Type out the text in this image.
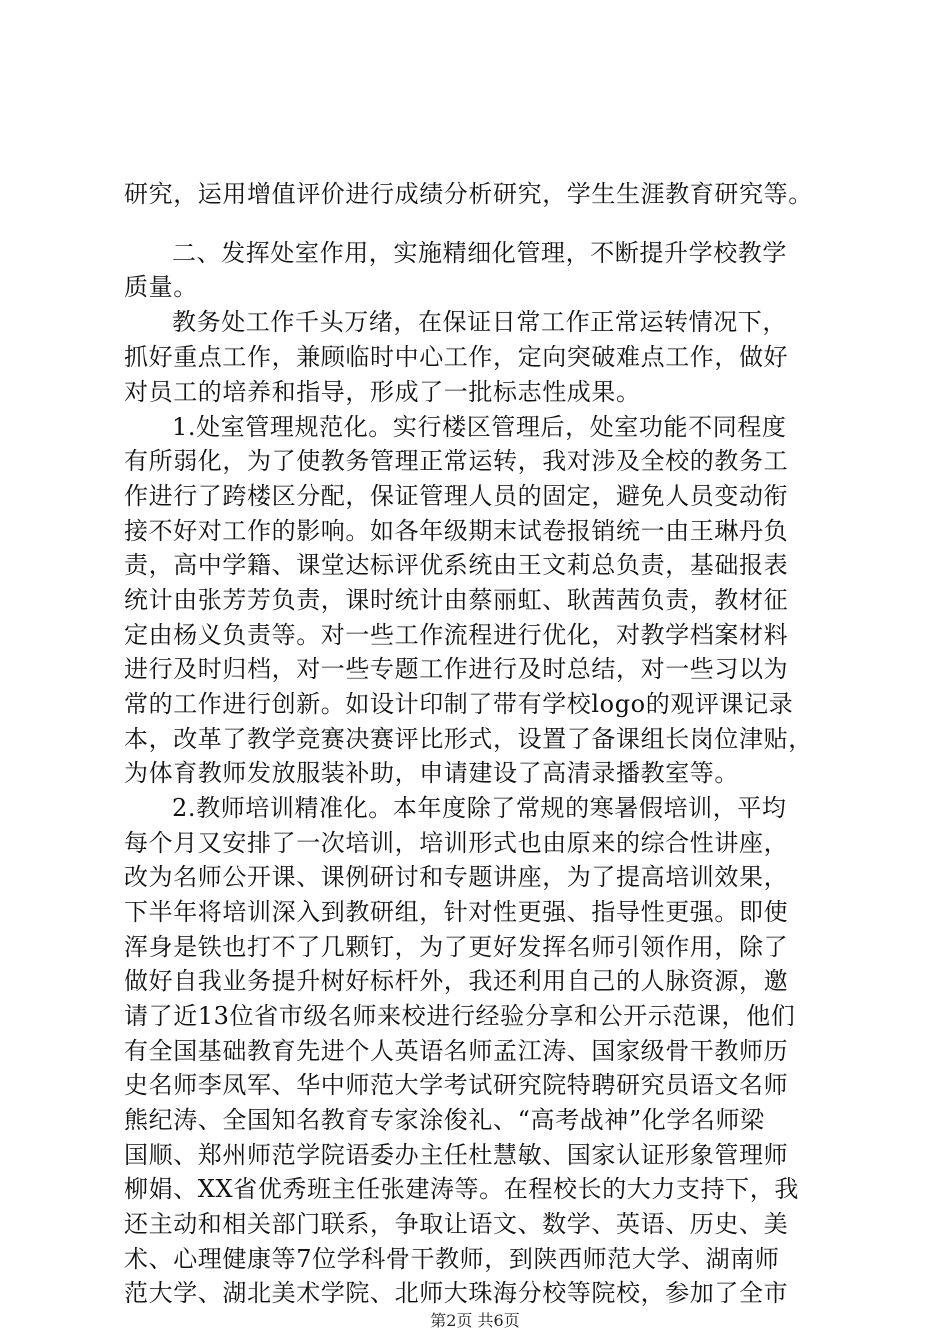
研究，运用增值评价进行成绩分析研究，学生生涯教育研究等。
二、发挥处室作用，实施精细化管理，不断提升学校教学
质量。
教务处工作千头万绪，在保证日常工作正常运转情况下，
抓好重点工作，兼顾临时中心工作，定向突破难点工作，做好
对员工的培养和指导，形成了一批标志性成果。
1.处室管理规范化。实行楼区管理后，处室功能不同程度
有所弱化，为了使教务管理正常运转，我对涉及全校的教务工
作进行了跨楼区分配，保证管理人员的固定，避免人员变动衔
接不好对工作的影响。如各年级期末试卷报销统一由王琳丹负
责，高中学籍、课堂达标评优系统由王文莉总负责，基础报表
统计由张芳芳负责，课时统计由蔡丽虹、耿茜茜负责，教材征
定由杨义负责等。对一些工作流程进行优化，对教学档案材料
进行及时归档，对一些专题工作进行及时总结，对一些习以为
常的工作进行创新。如设计印制了带有学校logo的观评课记录
本，改革了教学竞赛决赛评比形式，设置了备课组长岗位津贴，
为体育教师发放服装补助，申请建设了高清录播教室等。
2.教师培训精准化。本年度除了常规的寒暑假培训，平均
每个月又安排了一次培训，培训形式也由原来的综合性讲座，
改为名师公开课、课例研讨和专题讲座，为了提高培训效果，
下半年将培训深入到教研组，针对性更强、指导性更强。即使
浑身是铁也打不了几颗钉，为了更好发挥名师引领作用，除了
做好自我业务提升树好标杆外，我还利用自己的人脉资源，邀
请了近13位省市级名师来校进行经验分享和公开示范课，他们
有全国基础教育先进个人英语名师孟江涛、国家级骨干教师历
史名师李凤军、华中师范大学考试研究院特聘研究员语文名师
熊纪涛、全国知名教育专家涂俊礼、“高考战神”化学名师梁
国顺、郑州师范学院语委办主任杜慧敏、国家认证形象管理师
柳娟、XX省优秀班主任张建涛等。在程校长的大力支持下，我
还主动和相关部门联系，争取让语文、数学、英语、历史、美
术、心理健康等7位学科骨干教师，到陕西师范大学、湖南师
范大学、湖北美术学院、北师大珠海分校等院校，参加了全市
第2页 共6页
